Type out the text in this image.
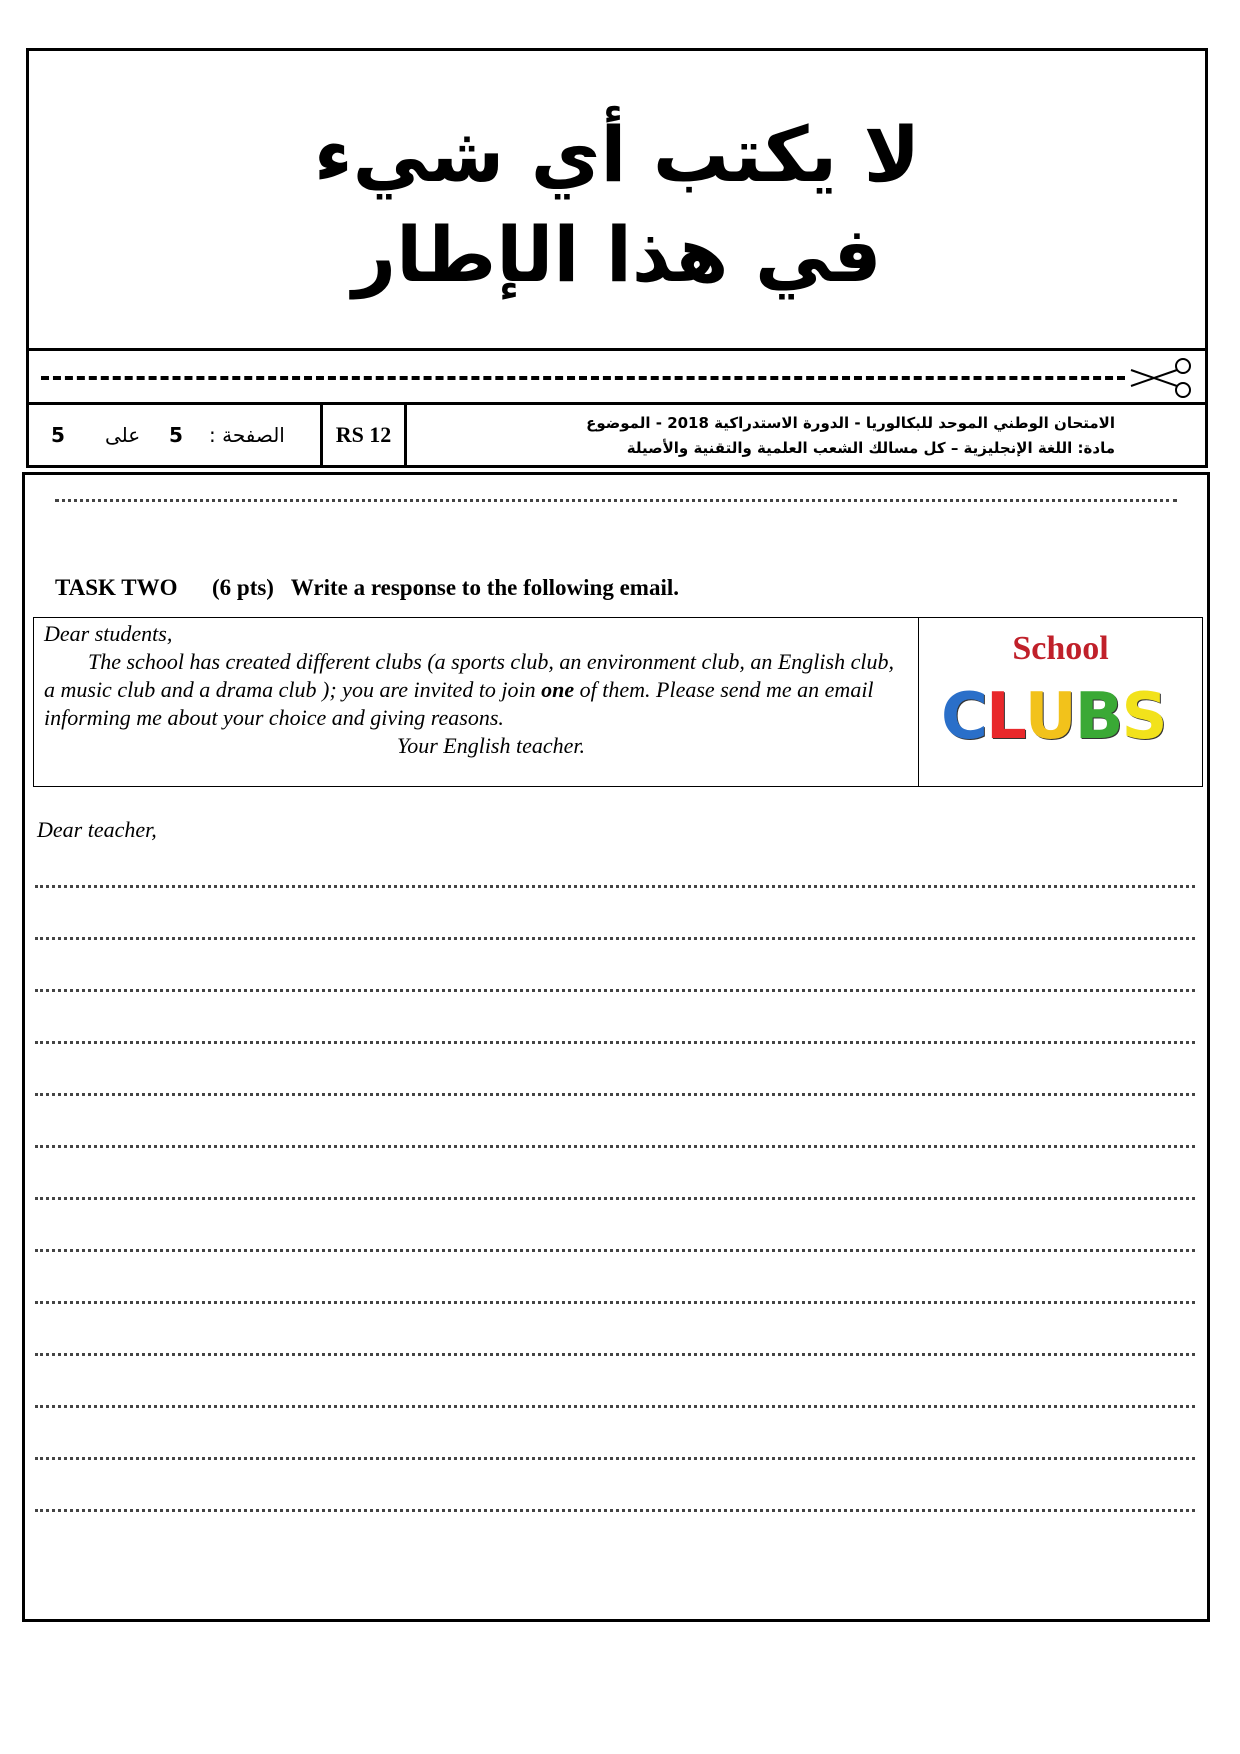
لا يكتب أي شيء
في هذا الإطار
5 على 5 الصفحة :	RS 12	الامتحان الوطني الموحد للبكالوريا - الدورة الاستدراكية 2018 - الموضوع
مادة: اللغة الإنجليزية – كل مسالك الشعب العلمية والتقنية والأصيلة
TASK TWO      (6 pts)   Write a response to the following email.
Dear students,
The school has created different clubs (a sports club, an environment club, an English club, a music club and a drama club ); you are invited to join one of them. Please send me an email informing me about your choice and giving reasons.
Your English teacher.
School
CLUBS
Dear teacher,
